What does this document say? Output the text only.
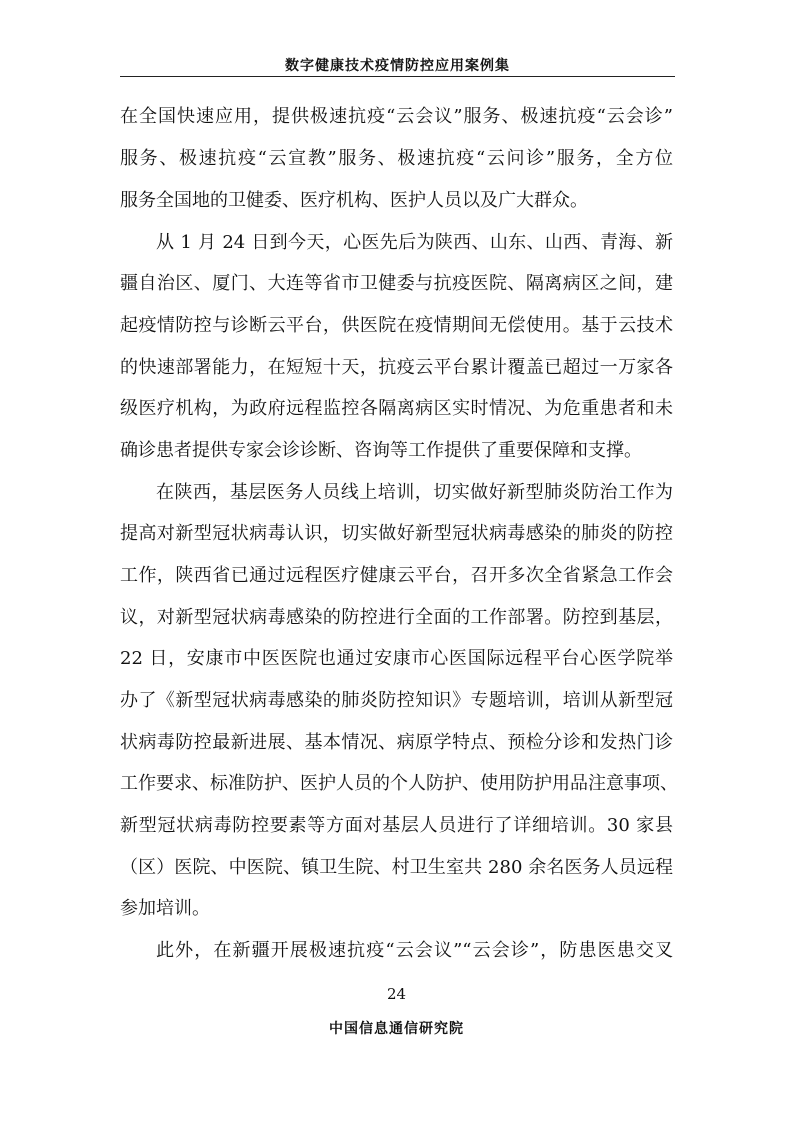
数字健康技术疫情防控应用案例集
在全国快速应用，提供极速抗疫“云会议”服务、极速抗疫“云会诊”
服务、极速抗疫“云宣教”服务、极速抗疫“云问诊”服务，全方位
服务全国地的卫健委、医疗机构、医护人员以及广大群众。
从 1 月 24 日到今天，心医先后为陕西、山东、山西、青海、新
疆自治区、厦门、大连等省市卫健委与抗疫医院、隔离病区之间，建
起疫情防控与诊断云平台，供医院在疫情期间无偿使用。基于云技术
的快速部署能力，在短短十天，抗疫云平台累计覆盖已超过一万家各
级医疗机构，为政府远程监控各隔离病区实时情况、为危重患者和未
确诊患者提供专家会诊诊断、咨询等工作提供了重要保障和支撑。
在陕西，基层医务人员线上培训，切实做好新型肺炎防治工作为
提高对新型冠状病毒认识，切实做好新型冠状病毒感染的肺炎的防控
工作，陕西省已通过远程医疗健康云平台，召开多次全省紧急工作会
议，对新型冠状病毒感染的防控进行全面的工作部署。防控到基层，
22 日，安康市中医医院也通过安康市心医国际远程平台心医学院举
办了《新型冠状病毒感染的肺炎防控知识》专题培训，培训从新型冠
状病毒防控最新进展、基本情况、病原学特点、预检分诊和发热门诊
工作要求、标准防护、医护人员的个人防护、使用防护用品注意事项、
新型冠状病毒防控要素等方面对基层人员进行了详细培训。30 家县
（区）医院、中医院、镇卫生院、村卫生室共 280 余名医务人员远程
参加培训。
此外，在新疆开展极速抗疫“云会议”“云会诊”，防患医患交叉
24
中国信息通信研究院
